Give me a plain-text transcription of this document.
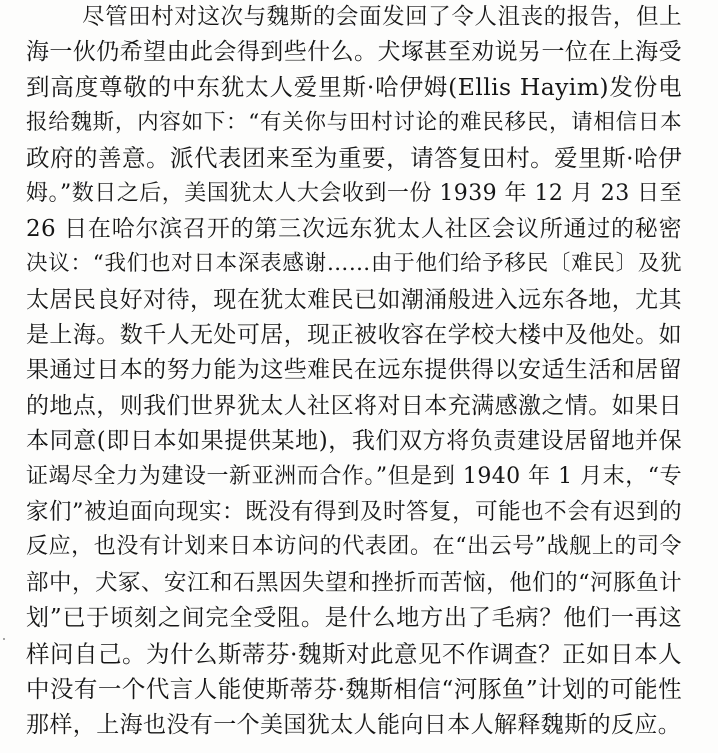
尽管田村对这次与魏斯的会面发回了令人沮丧的报告，但上
海一伙仍希望由此会得到些什么。犬塚甚至劝说另一位在上海受
到高度尊敬的中东犹太人爱里斯·哈伊姆(Ellis Hayim)发份电
报给魏斯，内容如下：“有关你与田村讨论的难民移民，请相信日本
政府的善意。派代表团来至为重要，请答复田村。爱里斯·哈伊
姆。”数日之后，美国犹太人大会收到一份 1939 年 12 月 23 日至
26 日在哈尔滨召开的第三次远东犹太人社区会议所通过的秘密
决议：“我们也对日本深表感谢……由于他们给予移民〔难民〕及犹
太居民良好对待，现在犹太难民已如潮涌般进入远东各地，尤其
是上海。数千人无处可居，现正被收容在学校大楼中及他处。如
果通过日本的努力能为这些难民在远东提供得以安适生活和居留
的地点，则我们世界犹太人社区将对日本充满感激之情。如果日
本同意(即日本如果提供某地)，我们双方将负责建设居留地并保
证竭尽全力为建设一新亚洲而合作。”但是到 1940 年 1 月末，“专
家们”被迫面向现实：既没有得到及时答复，可能也不会有迟到的
反应，也没有计划来日本访问的代表团。在“出云号”战舰上的司令
部中，犬冢、安江和石黑因失望和挫折而苦恼，他们的“河豚鱼计
划”已于顷刻之间完全受阻。是什么地方出了毛病？他们一再这
样问自己。为什么斯蒂芬·魏斯对此意见不作调查？正如日本人
中没有一个代言人能使斯蒂芬·魏斯相信“河豚鱼”计划的可能性
那样，上海也没有一个美国犹太人能向日本人解释魏斯的反应。
